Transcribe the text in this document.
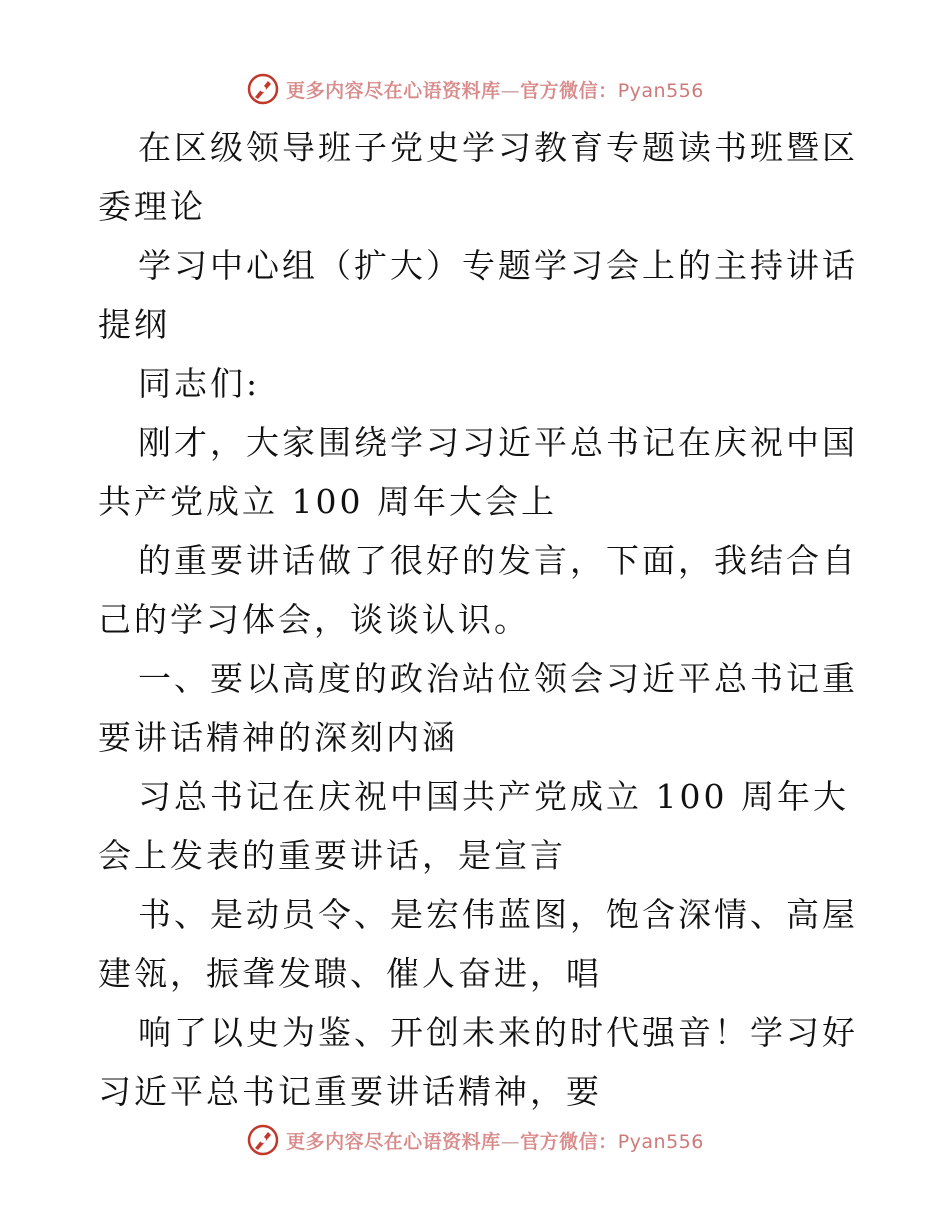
更多内容尽在心语资料库—官方微信：Pyan556

在区级领导班子党史学习教育专题读书班暨区委理论

学习中心组（扩大）专题学习会上的主持讲话提纲

同志们:

刚才，大家围绕学习习近平总书记在庆祝中国共产党成立 100 周年大会上

的重要讲话做了很好的发言，下面，我结合自己的学习体会，谈谈认识。

一、要以高度的政治站位领会习近平总书记重要讲话精神的深刻内涵

习总书记在庆祝中国共产党成立 100 周年大会上发表的重要讲话，是宣言

书、是动员令、是宏伟蓝图，饱含深情、高屋建瓴，振聋发聩、催人奋进，唱

响了以史为鉴、开创未来的时代强音！学习好习近平总书记重要讲话精神，要

更多内容尽在心语资料库—官方微信：Pyan556
